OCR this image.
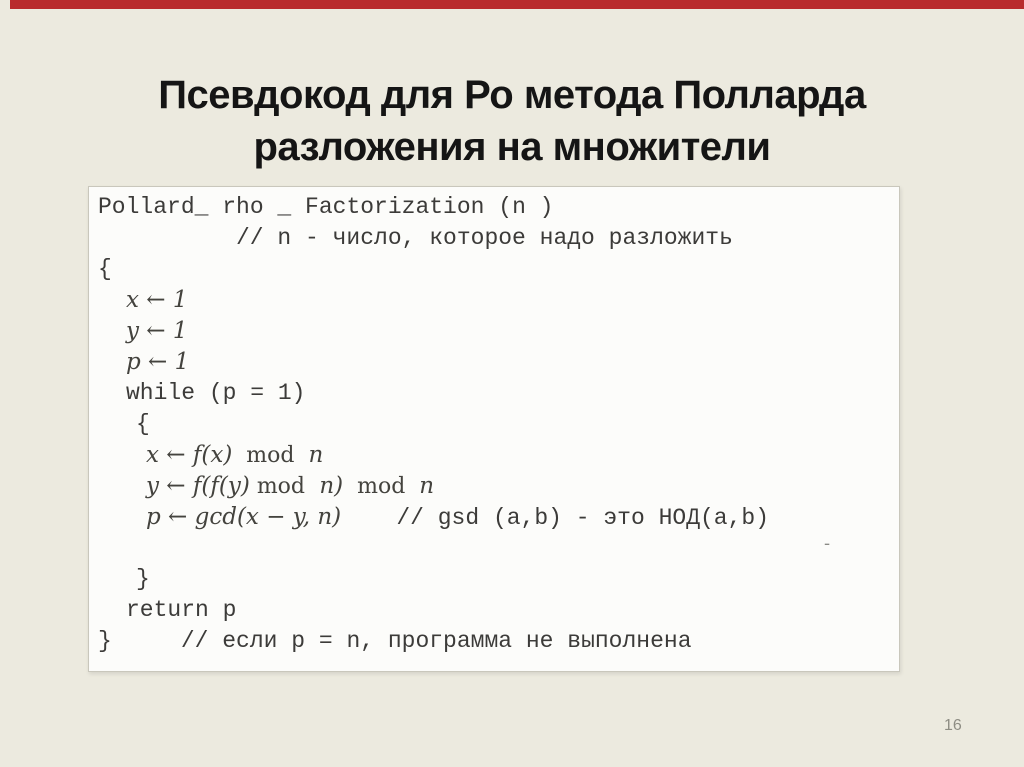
Псевдокод для Ро метода Полларда
разложения на множители
Pollard_ rho _ Factorization (n )
// n - число, которое надо разложить
{
x ← 1
y ← 1
p ← 1
while (p = 1)
{
x ← f(x)  mod  n
y ← f(f(y) mod  n)  mod  n
p ← gcd(x − y, n)    // gsd (a,b) - это НОД(a,b)
}
return p
}     // если p = n, программа не выполнена
-
16
